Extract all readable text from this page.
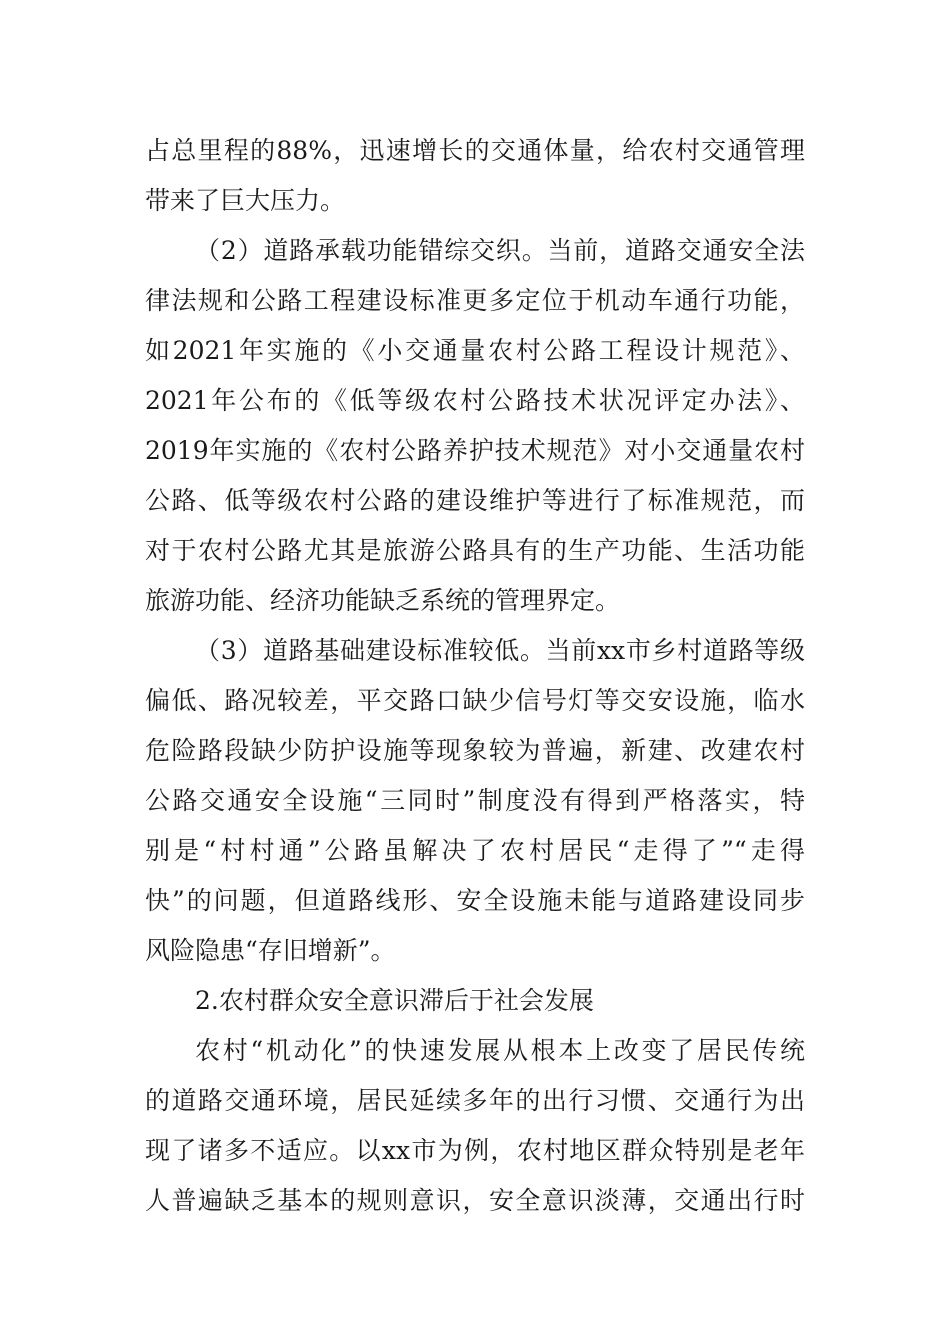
占总里程的88%，迅速增长的交通体量，给农村交通管理
带来了巨大压力。
（2）道路承载功能错综交织。当前，道路交通安全法
律法规和公路工程建设标准更多定位于机动车通行功能，
如2021年实施的《小交通量农村公路工程设计规范》、
2021年公布的《低等级农村公路技术状况评定办法》、
2019年实施的《农村公路养护技术规范》对小交通量农村
公路、低等级农村公路的建设维护等进行了标准规范，而
对于农村公路尤其是旅游公路具有的生产功能、生活功能
旅游功能、经济功能缺乏系统的管理界定。
（3）道路基础建设标准较低。当前xx市乡村道路等级
偏低、路况较差，平交路口缺少信号灯等交安设施，临水
危险路段缺少防护设施等现象较为普遍，新建、改建农村
公路交通安全设施“三同时”制度没有得到严格落实，特
别是“村村通”公路虽解决了农村居民“走得了”“走得
快”的问题，但道路线形、安全设施未能与道路建设同步
风险隐患“存旧增新”。
2.农村群众安全意识滞后于社会发展
农村“机动化”的快速发展从根本上改变了居民传统
的道路交通环境，居民延续多年的出行习惯、交通行为出
现了诸多不适应。以xx市为例，农村地区群众特别是老年
人普遍缺乏基本的规则意识，安全意识淡薄，交通出行时
